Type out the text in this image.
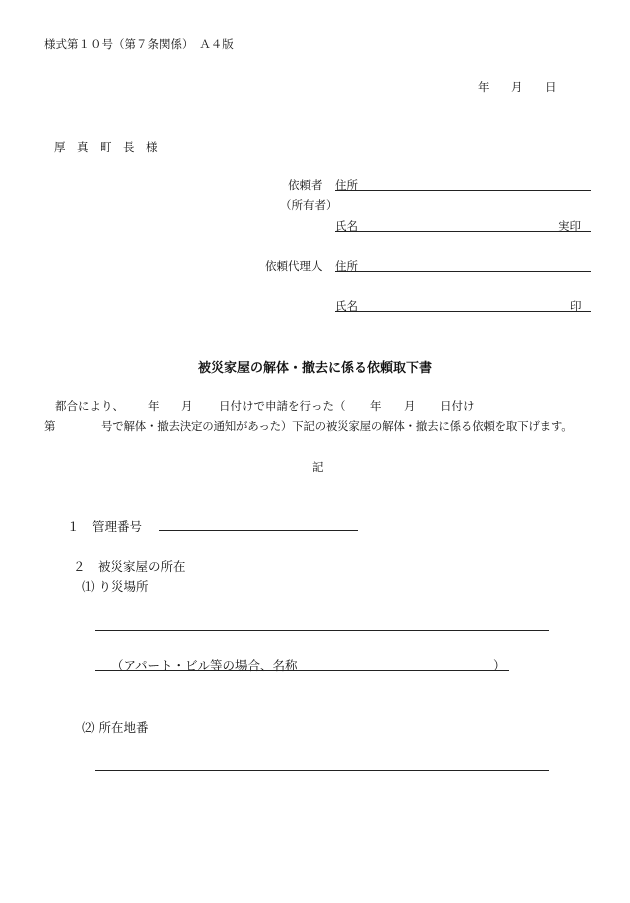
様式第１０号（第７条関係）　Ａ４版
年 月 日
厚　真　町　長　様
依頼者 住所
（所有者）
氏名	実印
依頼代理人 住所
氏名	印
被災家屋の解体・撤去に係る依頼取下書
都合により、 年 月 日付けで申請を行った（ 年 月 日付け
第	号で解体・撤去決定の通知があった）下記の被災家屋の解体・撤去に係る依頼を取下げます。
記
１　管理番号
２　被災家屋の所在
⑴ り災場所
（アパート・ビル等の場合、名称	）
⑵ 所在地番
